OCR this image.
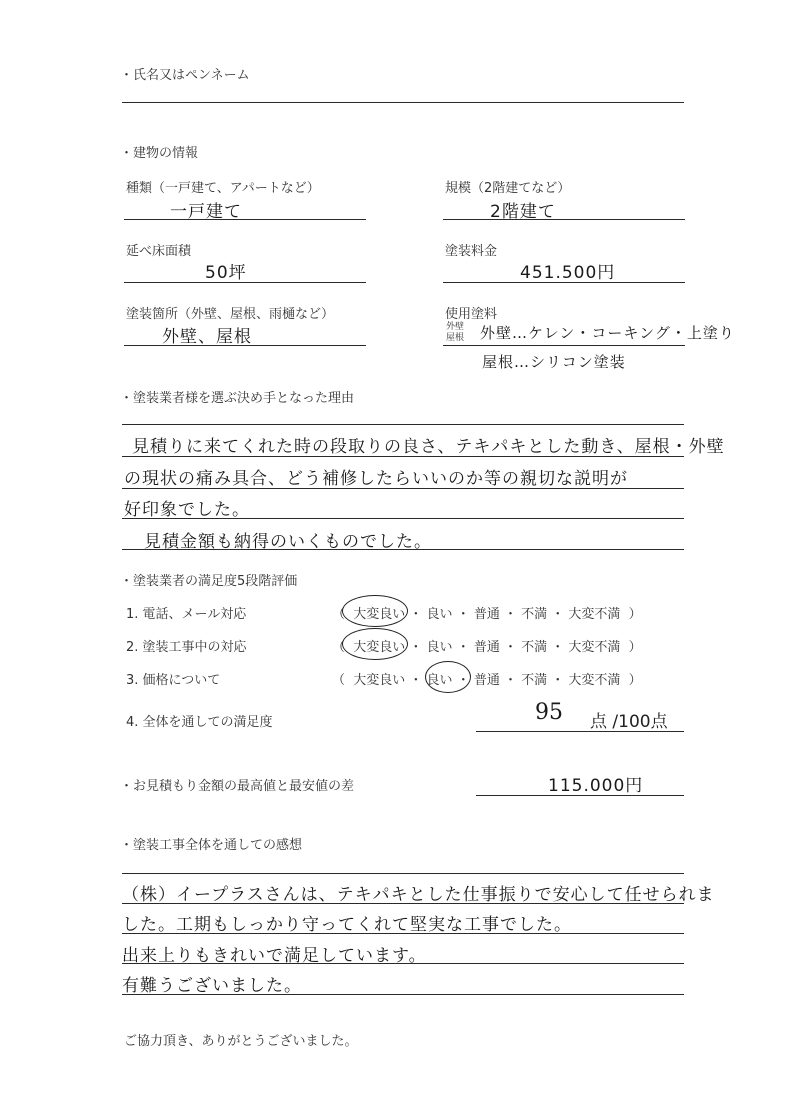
・氏名又はペンネーム
・建物の情報
種類（一戸建て、アパートなど）
一戸建て
規模（2階建てなど）
2階建て
延べ床面積
50坪
塗装料金
451.500円
塗装箇所（外壁、屋根、雨樋など）
外壁、屋根
使用塗料
外壁
屋根 外壁…ケレン・コーキング・上塗り
屋根…シリコン塗装
・塗装業者様を選ぶ決め手となった理由
見積りに来てくれた時の段取りの良さ、テキパキとした動き、屋根・外壁
の現状の痛み具合、どう補修したらいいのか等の親切な説明が
好印象でした。
見積金額も納得のいくものでした。
・塗装業者の満足度5段階評価
1. 電話、メール対応	（  大変良い ・ 良い ・ 普通 ・ 不満 ・ 大変不満  ）
2. 塗装工事中の対応	（  大変良い ・ 良い ・ 普通 ・ 不満 ・ 大変不満  ）
3. 価格について	（  大変良い ・ 良い ・ 普通 ・ 不満 ・ 大変不満  ）
4. 全体を通しての満足度	95 点 /100点
・お見積もり金額の最高値と最安値の差	115.000円
・塗装工事全体を通しての感想
（株）イープラスさんは、テキパキとした仕事振りで安心して任せられま
した。工期もしっかり守ってくれて堅実な工事でした。
出来上りもきれいで満足しています。
有難うございました。
ご協力頂き、ありがとうございました。
